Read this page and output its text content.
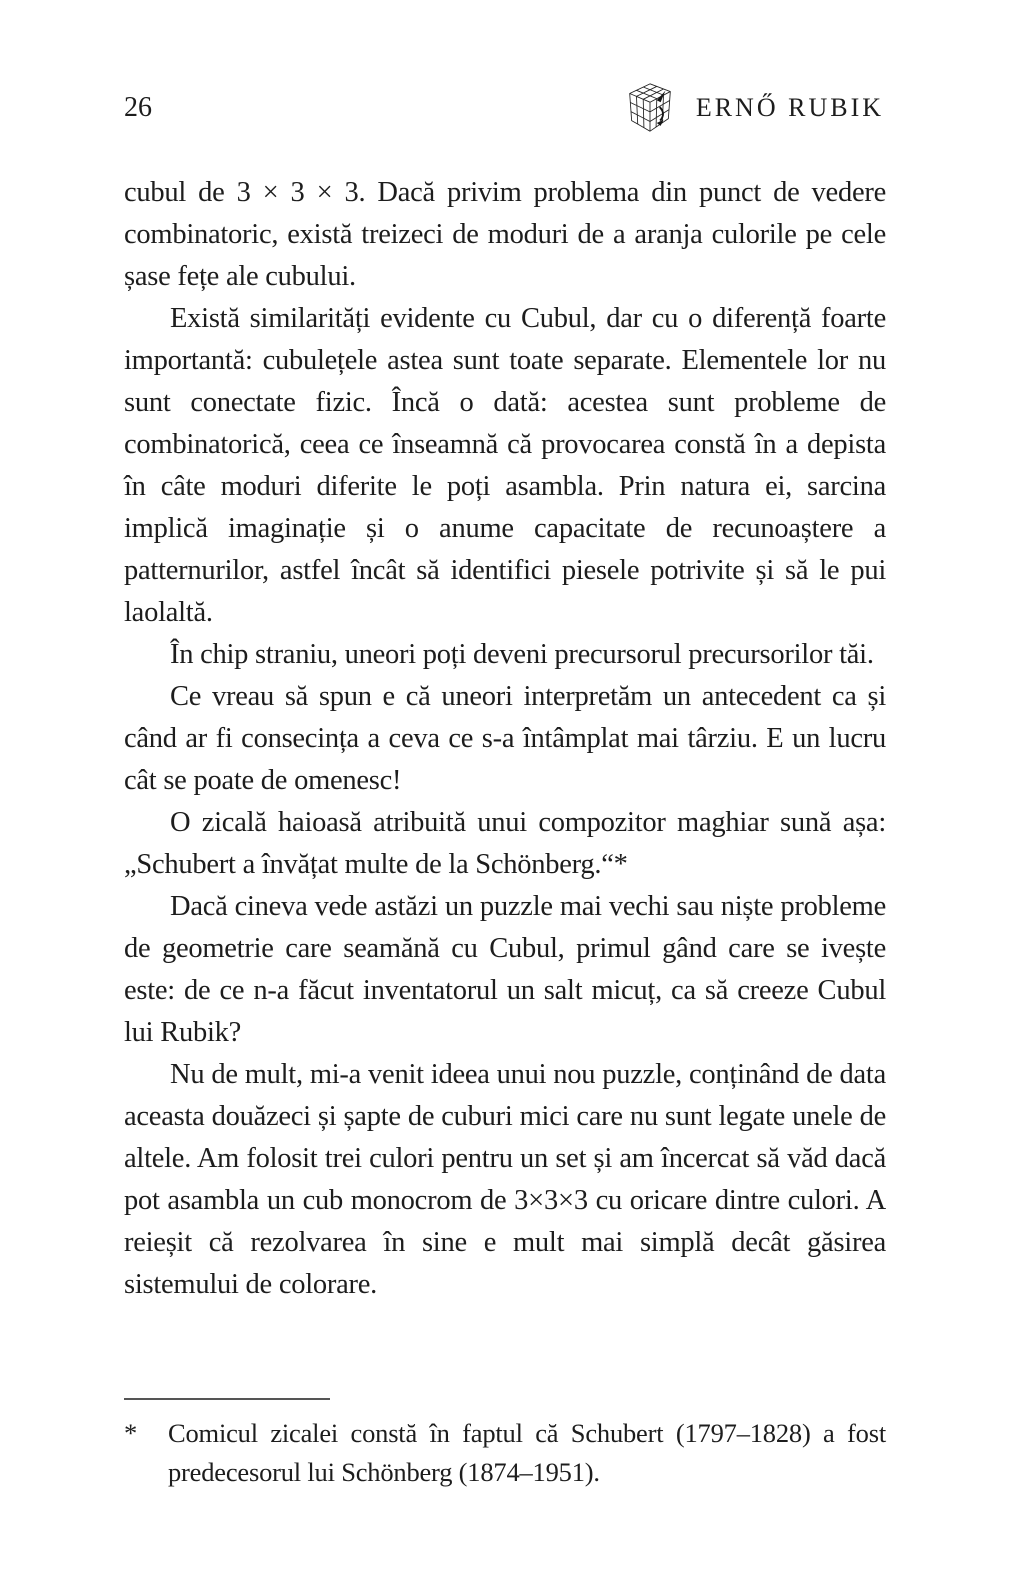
26	ERNŐ RUBIK

cubul de 3 × 3 × 3. Dacă privim problema din punct de vedere combinatoric, există treizeci de moduri de a aranja culorile pe cele șase fețe ale cubului.

Există similarități evidente cu Cubul, dar cu o diferență foarte importantă: cubulețele astea sunt toate separate. Elementele lor nu sunt conectate fizic. Încă o dată: acestea sunt probleme de combinatorică, ceea ce înseamnă că provocarea constă în a depista în câte moduri diferite le poți asambla. Prin natura ei, sarcina implică imaginație și o anume capacitate de recunoaștere a patternurilor, astfel încât să identifici piesele potrivite și să le pui laolaltă.

În chip straniu, uneori poți deveni precursorul precursorilor tăi.

Ce vreau să spun e că uneori interpretăm un antecedent ca și când ar fi consecința a ceva ce s-a întâmplat mai târziu. E un lucru cât se poate de omenesc!

O zicală haioasă atribuită unui compozitor maghiar sună așa: „Schubert a învățat multe de la Schönberg.“*

Dacă cineva vede astăzi un puzzle mai vechi sau niște probleme de geometrie care seamănă cu Cubul, primul gând care se ivește este: de ce n-a făcut inventatorul un salt micuț, ca să creeze Cubul lui Rubik?

Nu de mult, mi-a venit ideea unui nou puzzle, conținând de data aceasta douăzeci și șapte de cuburi mici care nu sunt legate unele de altele. Am folosit trei culori pentru un set și am încercat să văd dacă pot asambla un cub monocrom de 3×3×3 cu oricare dintre culori. A reieșit că rezolvarea în sine e mult mai simplă decât găsirea sistemului de colorare.

*	Comicul zicalei constă în faptul că Schubert (1797–1828) a fost predecesorul lui Schönberg (1874–1951).
